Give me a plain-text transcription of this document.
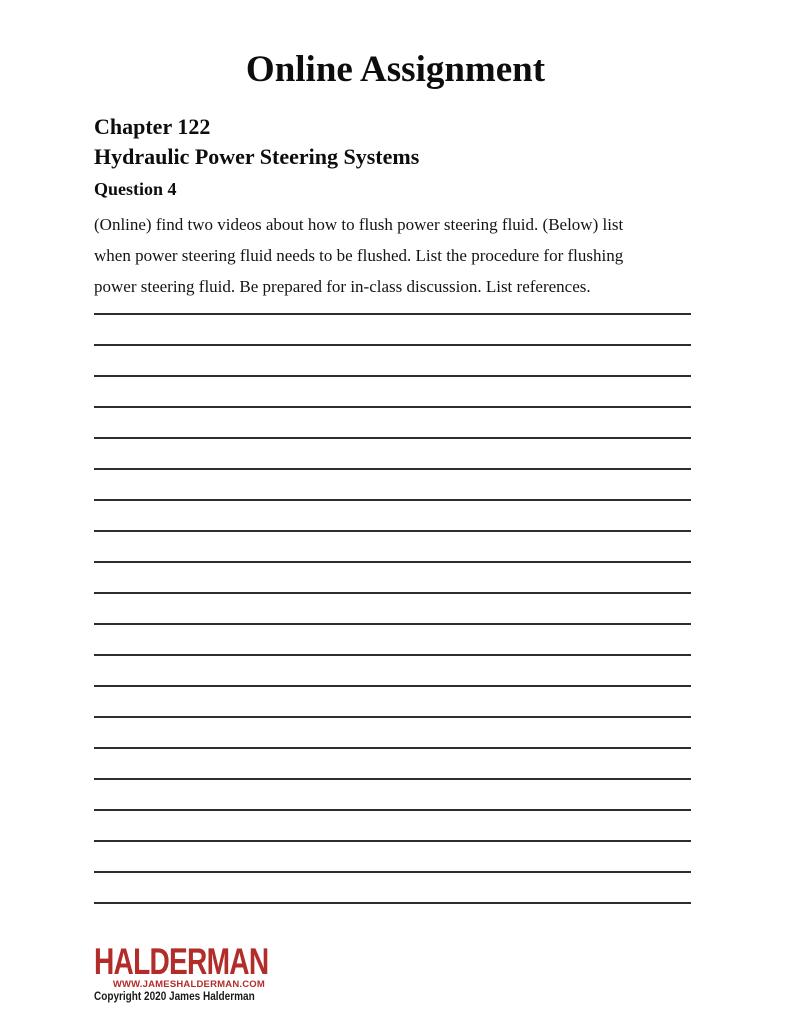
Online Assignment
Chapter 122
Hydraulic Power Steering Systems
Question 4
(Online) find two videos about how to flush power steering fluid. (Below) list
when power steering fluid needs to be flushed. List the procedure for flushing
power steering fluid. Be prepared for in-class discussion. List references.
HALDERMAN
WWW.JAMESHALDERMAN.COM
Copyright 2020 James Halderman
